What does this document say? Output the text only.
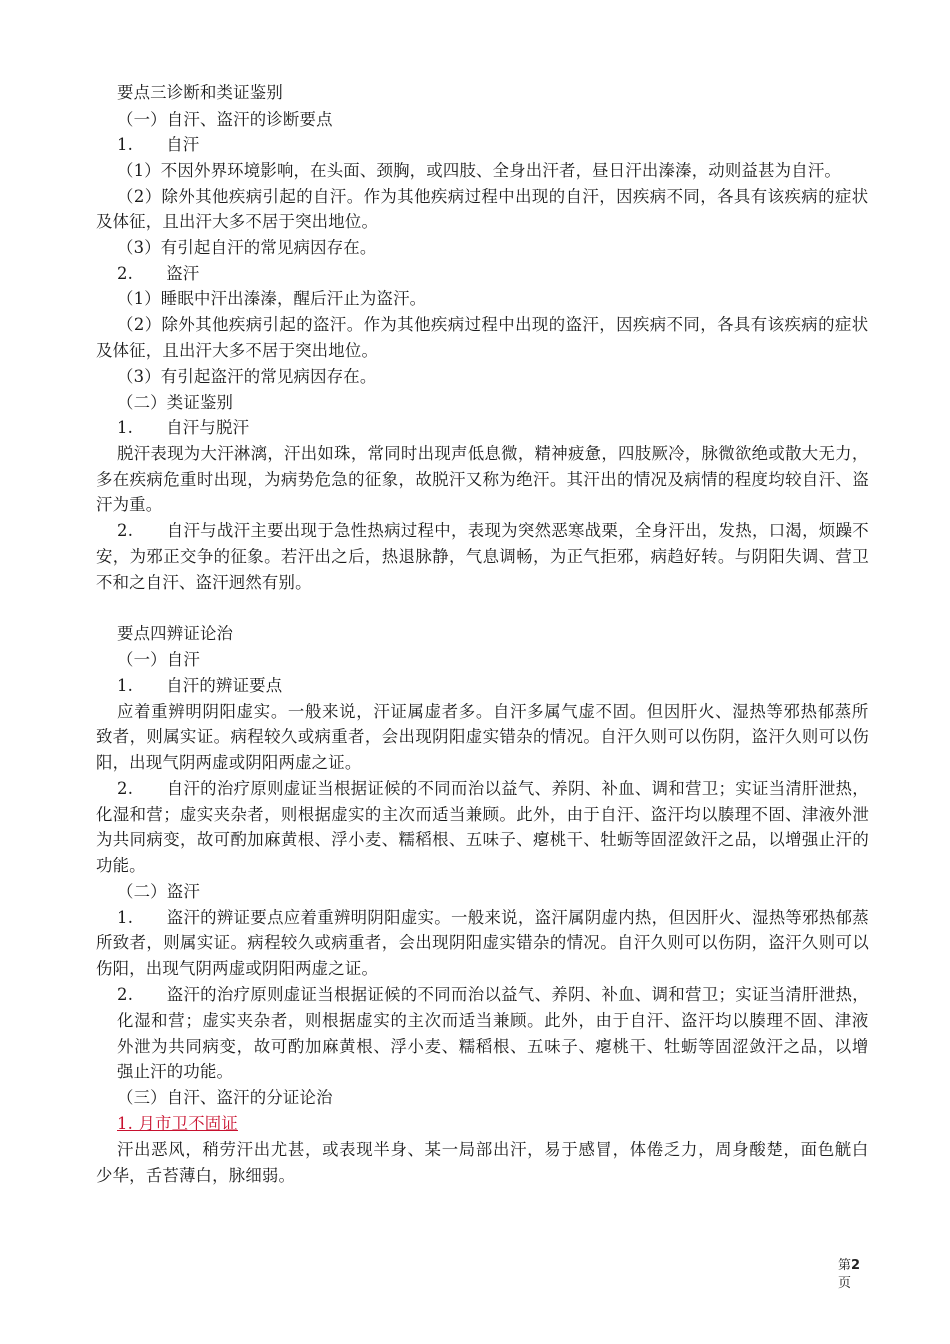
要点三诊断和类证鉴别
（一）自汗、盗汗的诊断要点
1.　　自汗
（1）不因外界环境影响，在头面、颈胸，或四肢、全身出汗者，昼日汗出溱溱，动则益甚为自汗。
（2）除外其他疾病引起的自汗。作为其他疾病过程中出现的自汗，因疾病不同，各具有该疾病的症状
及体征，且出汗大多不居于突出地位。
（3）有引起自汗的常见病因存在。
2.　　盗汗
（1）睡眠中汗出溱溱，醒后汗止为盗汗。
（2）除外其他疾病引起的盗汗。作为其他疾病过程中出现的盗汗，因疾病不同，各具有该疾病的症状
及体征，且出汗大多不居于突出地位。
（3）有引起盗汗的常见病因存在。
（二）类证鉴别
1.　　自汗与脱汗
脱汗表现为大汗淋漓，汗出如珠，常同时出现声低息微，精神疲惫，四肢厥冷，脉微欲绝或散大无力，
多在疾病危重时出现，为病势危急的征象，故脱汗又称为绝汗。其汗出的情况及病情的程度均较自汗、盗
汗为重。
2.　　自汗与战汗主要出现于急性热病过程中，表现为突然恶寒战栗，全身汗出，发热，口渴，烦躁不
安，为邪正交争的征象。若汗出之后，热退脉静，气息调畅，为正气拒邪，病趋好转。与阴阳失调、营卫
不和之自汗、盗汗迥然有别。
要点四辨证论治
（一）自汗
1.　　自汗的辨证要点
应着重辨明阴阳虚实。一般来说，汗证属虚者多。自汗多属气虚不固。但因肝火、湿热等邪热郁蒸所
致者，则属实证。病程较久或病重者，会出现阴阳虚实错杂的情况。自汗久则可以伤阴，盗汗久则可以伤
阳，出现气阴两虚或阴阳两虚之证。
2.　　自汗的治疗原则虚证当根据证候的不同而治以益气、养阴、补血、调和营卫；实证当清肝泄热，
化湿和营；虚实夹杂者，则根据虚实的主次而适当兼顾。此外，由于自汗、盗汗均以腠理不固、津液外泄
为共同病变，故可酌加麻黄根、浮小麦、糯稻根、五味子、瘪桃干、牡蛎等固涩敛汗之品，以增强止汗的
功能。
（二）盗汗
1.　　盗汗的辨证要点应着重辨明阴阳虚实。一般来说，盗汗属阴虚内热，但因肝火、湿热等邪热郁蒸
所致者，则属实证。病程较久或病重者，会出现阴阳虚实错杂的情况。自汗久则可以伤阴，盗汗久则可以
伤阳，出现气阴两虚或阴阳两虚之证。
2.　　盗汗的治疗原则虚证当根据证候的不同而治以益气、养阴、补血、调和营卫；实证当清肝泄热，
化湿和营；虚实夹杂者，则根据虚实的主次而适当兼顾。此外，由于自汗、盗汗均以腠理不固、津液
外泄为共同病变，故可酌加麻黄根、浮小麦、糯稻根、五味子、瘪桃干、牡蛎等固涩敛汗之品，以增
强止汗的功能。
（三）自汗、盗汗的分证论治
1. 月市卫不固证
汗出恶风，稍劳汗出尤甚，或表现半身、某一局部出汗，易于感冒，体倦乏力，周身酸楚，面色觥白
少华，舌苔薄白，脉细弱。
第2
页
